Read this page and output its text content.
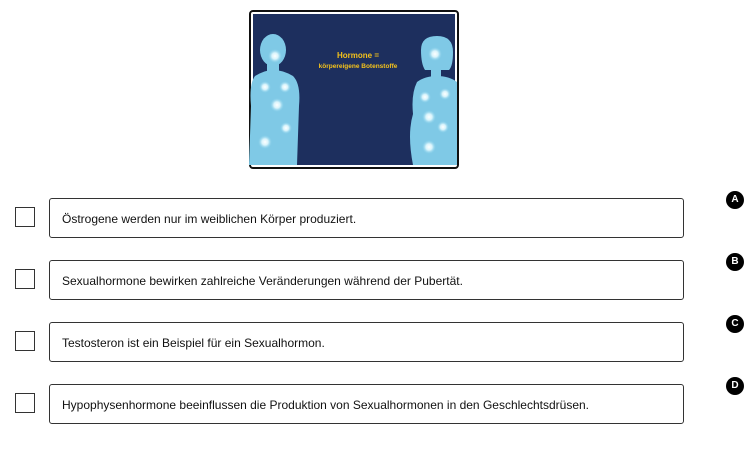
Hormone =
körpereigene Botenstoffe
Östrogene werden nur im weiblichen Körper produziert.
A
Sexualhormone bewirken zahlreiche Veränderungen während der Pubertät.
B
Testosteron ist ein Beispiel für ein Sexualhormon.
C
Hypophysenhormone beeinflussen die Produktion von Sexualhormonen in den Geschlechtsdrüsen.
D
